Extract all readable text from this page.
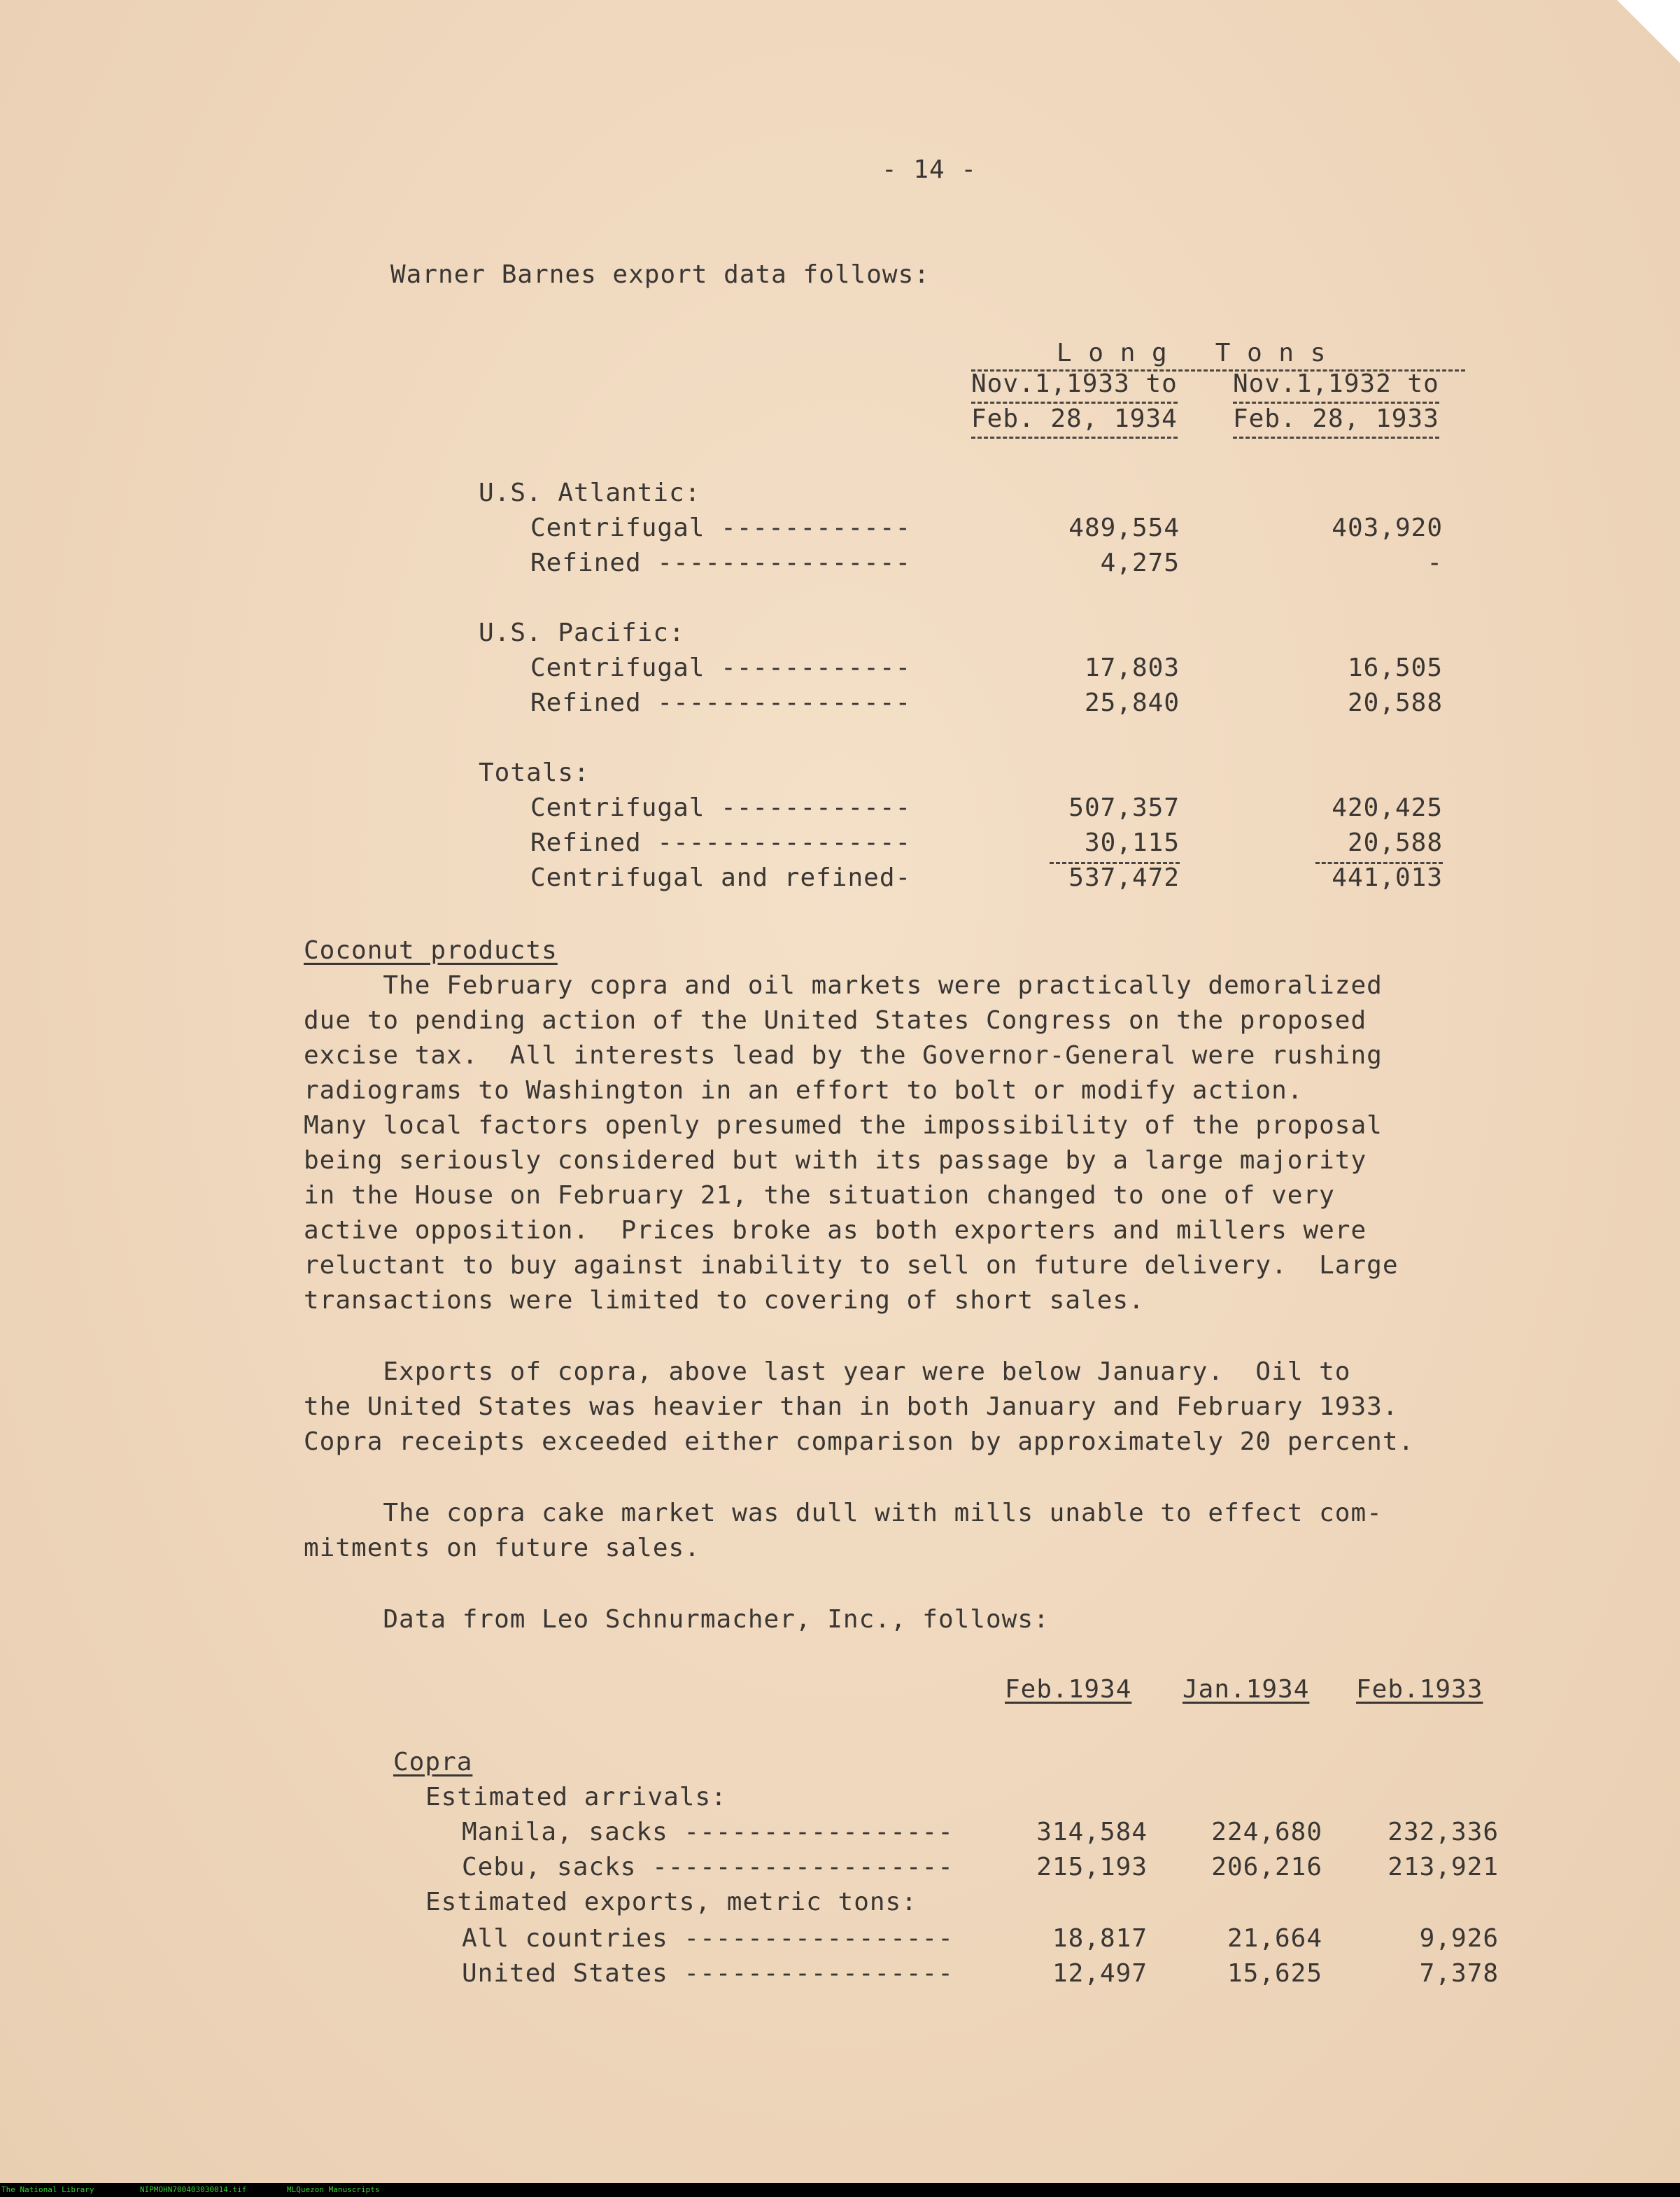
- 14 -
Warner Barnes export data follows:
L o n g   T o n s
Nov.1,1933 to
Feb. 28, 1934
Nov.1,1932 to
Feb. 28, 1933
U.S. Atlantic:
Centrifugal ------------	489,554	403,920
Refined ----------------	4,275	-
U.S. Pacific:
Centrifugal ------------	17,803	16,505
Refined ----------------	25,840	20,588
Totals:
Centrifugal ------------	507,357	420,425
Refined ----------------	30,115	20,588
Centrifugal and refined-	537,472	441,013
Coconut products
The February copra and oil markets were practically demoralized
due to pending action of the United States Congress on the proposed
excise tax.  All interests lead by the Governor-General were rushing
radiograms to Washington in an effort to bolt or modify action.
Many local factors openly presumed the impossibility of the proposal
being seriously considered but with its passage by a large majority
in the House on February 21, the situation changed to one of very
active opposition.  Prices broke as both exporters and millers were
reluctant to buy against inability to sell on future delivery.  Large
transactions were limited to covering of short sales.
Exports of copra, above last year were below January.  Oil to
the United States was heavier than in both January and February 1933.
Copra receipts exceeded either comparison by approximately 20 percent.
The copra cake market was dull with mills unable to effect com-
mitments on future sales.
Data from Leo Schnurmacher, Inc., follows:
Feb.1934 Jan.1934 Feb.1933
Copra
Estimated arrivals:
Manila, sacks -----------------	314,584	224,680	232,336
Cebu, sacks -------------------	215,193	206,216	213,921
Estimated exports, metric tons:
All countries -----------------	18,817	21,664	9,926
United States -----------------	12,497	15,625	7,378
The National Library	NIPMOHN700403030014.tif	MLQuezon Manuscripts
